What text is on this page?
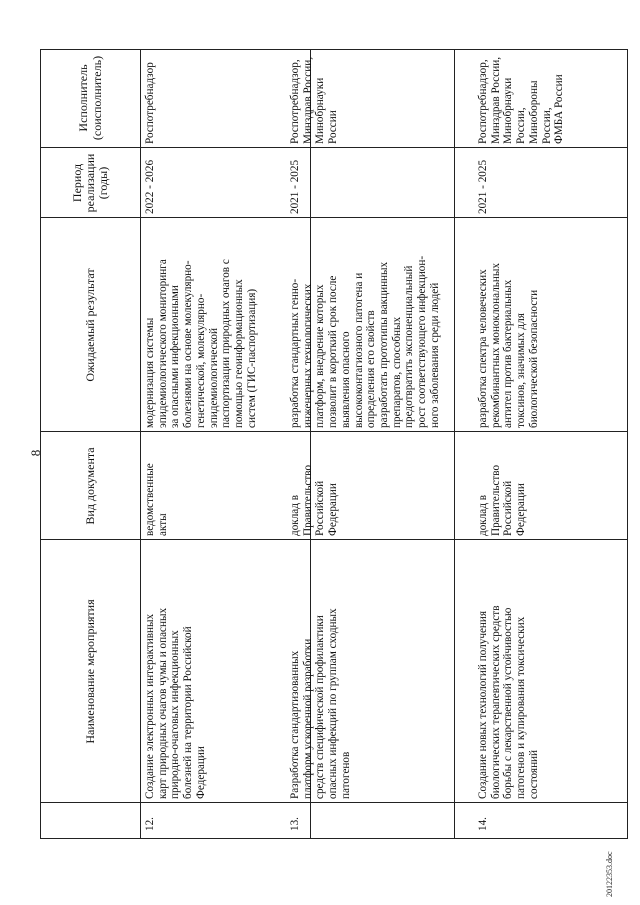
8
Наименование мероприятия
Вид документа
Ожидаемый результат
Период
реализации
(годы)
Исполнитель
(соисполнитель)
12.
Создание электронных интерактивных
карт природных очагов чумы и опасных
природно-очаговых инфекционных
болезней на территории Российской
Федерации
ведомственные
акты
модернизация системы
эпидемиологического мониторинга
за опасными инфекционными
болезнями на основе молекулярно-
генетической, молекулярно-
эпидемиологической
паспортизации природных очагов с
помощью геоинформационных
систем (ГИС-паспортизация)
2022 - 2026
Роспотребнадзор
13.
Разработка стандартизованных
платформ ускоренной разработки
средств специфической профилактики
опасных инфекций по группам сходных
патогенов
доклад в
Правительство
Российской
Федерации
разработка стандартных генно-
инженерных технологических
платформ, внедрение которых
позволит в короткий срок после
выявления опасного
высококонтагиозного патогена и
определения его свойств
разработать прототипы вакцинных
препаратов, способных
предотвратить экспоненциальный
рост соответствующего инфекцион-
ного заболевания среди людей
2021 - 2025
Роспотребнадзор,
Минздрав России,
Минобрнауки России
14.
Создание новых технологий получения
биологических терапевтических средств
борьбы с лекарственной устойчивостью
патогенов и купирования токсических
состояний
доклад в
Правительство
Российской
Федерации
разработка спектра человеческих
рекомбинантных моноклональных
антител против бактериальных
токсинов, значимых для
биологической безопасности
2021 - 2025
Роспотребнадзор,
Минздрав России,
Минобрнауки России,
Минобороны России,
ФМБА России
20122353.doc
